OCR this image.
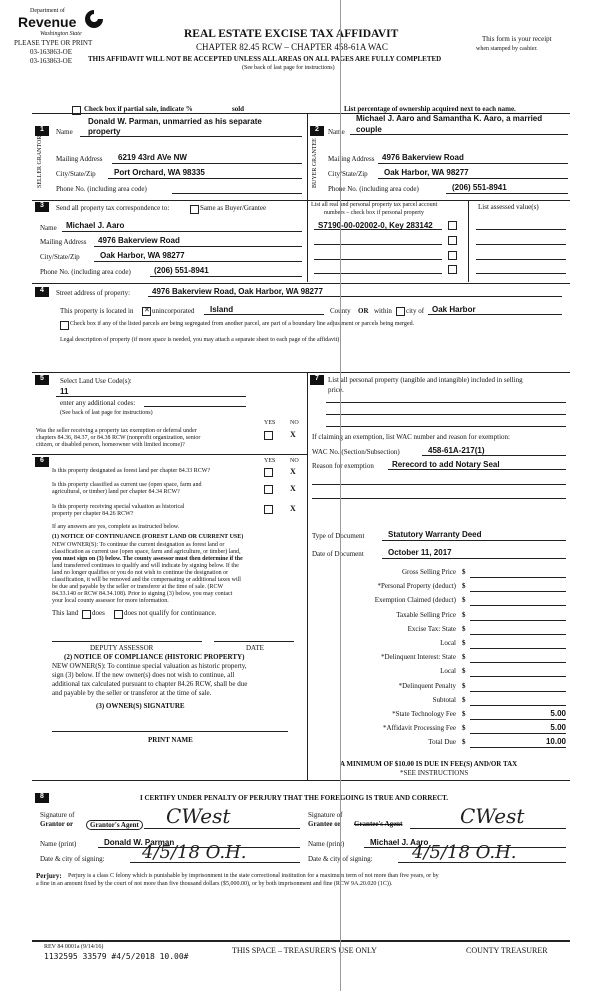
Department of
Revenue
Washington State
PLEASE TYPE OR PRINT
03-163863-OE
03-163863-OE
REAL ESTATE EXCISE TAX AFFIDAVIT
CHAPTER 82.45 RCW – CHAPTER 458-61A WAC
THIS AFFIDAVIT WILL NOT BE ACCEPTED UNLESS ALL AREAS ON ALL PAGES ARE FULLY COMPLETED
(See back of last page for instructions)
This form is your receipt
when stamped by cashier.
Check box if partial sale, indicate %	sold	List percentage of ownership acquired next to each name.
1
SELLER GRANTOR
Name
Donald W. Parman, unmarried as his separate
property
Mailing Address 6219 43rd AVe NW
City/State/Zip Port Orchard, WA 98335
Phone No. (including area code)
2
BUYER GRANTEE
Name
Michael J. Aaro and Samantha K. Aaro, a married
couple
Mailing Address 4976 Bakerview Road
City/State/Zip Oak Harbor, WA 98277
Phone No. (including area code)	(206) 551-8941
3	Send all property tax correspondence to:	Same as Buyer/Grantee
Name Michael J. Aaro
Mailing Address 4976 Bakerview Road
City/State/Zip	Oak Harbor, WA 98277
Phone No. (including area code)	(206) 551-8941
List all real and personal property tax parcel account
numbers – check box if personal property
List assessed value(s)
S7190-00-02002-0, Key 283142
4	Street address of property:	4976 Bakerview Road, Oak Harbor, WA 98277
This property is located in ✕ unincorporated Island	County OR within city of Oak Harbor
Check box if any of the listed parcels are being segregated from another parcel, are part of a boundary line adjustment or parcels being merged.
Legal description of property (if more space is needed, you may attach a separate sheet to each page of the affidavit)
5	Select Land Use Code(s):
11
enter any additional codes:
(See back of last page for instructions)
YES NO
Was the seller receiving a property tax exemption or deferral under
chapters 84.36, 84.37, or 84.38 RCW (nonprofit organization, senior
citizen, or disabled person, homeowner with limited income)?
X
7	List all personal property (tangible and intangible) included in selling
price.
6	YES NO
Is this property designated as forest land per chapter 84.33 RCW?	X
Is this property classified as current use (open space, farm and
agricultural, or timber) land per chapter 84.34 RCW?	X
Is this property receiving special valuation as historical
property per chapter 84.26 RCW?
X
If any answers are yes, complete as instructed below.
(1) NOTICE OF CONTINUANCE (FOREST LAND OR CURRENT USE)
NEW OWNER(S): To continue the current designation as forest land or
classification as current use (open space, farm and agriculture, or timber) land,
you must sign on (3) below. The county assessor must then determine if the
land transferred continues to qualify and will indicate by signing below. If the
land no longer qualifies or you do not wish to continue the designation or
classification, it will be removed and the compensating or additional taxes will
be due and payable by the seller or transferor at the time of sale. (RCW
84.33.140 or RCW 84.34.108). Prior to signing (3) below, you may contact
your local county assessor for more information.
This land does	does not qualify for continuance.
DEPUTY ASSESSOR	DATE
(2) NOTICE OF COMPLIANCE (HISTORIC PROPERTY)
NEW OWNER(S): To continue special valuation as historic property,
sign (3) below. If the new owner(s) does not wish to continue, all
additional tax calculated pursuant to chapter 84.26 RCW, shall be due
and payable by the seller or transferor at the time of sale.
(3) OWNER(S) SIGNATURE
PRINT NAME
If claiming an exemption, list WAC number and reason for exemption:
WAC No. (Section/Subsection)	458-61A-217(1)
Reason for exemption Rerecord to add Notary Seal
Type of Document	Statutory Warranty Deed
Date of Document	October 11, 2017
Gross Selling Price $
*Personal Property (deduct) $
Exemption Claimed (deduct) $
Taxable Selling Price $
Excise Tax: State $
Local $
*Delinquent Interest: State $
Local $
*Delinquent Penalty $
Subtotal $
*State Technology Fee $	5.00
*Affidavit Processing Fee $	5.00
Total Due $	10.00
A MINIMUM OF $10.00 IS DUE IN FEE(S) AND/OR TAX
*SEE INSTRUCTIONS
8	I CERTIFY UNDER PENALTY OF PERJURY THAT THE FOREGOING IS TRUE AND CORRECT.
Signature of
Grantor or	Grantor's Agent CWest
Name (print)	Donald W. Parman
Date & city of signing: 4/5/18 O.H.
Signature of
Grantee or Grantee's Agent	CWest
Name (print)	Michael J. Aaro
Date & city of signing: 4/5/18 O.H.
Perjury: Perjury is a class C felony which is punishable by imprisonment in the state correctional institution for a maximum term of not more than five years, or by
a fine in an amount fixed by the court of not more than five thousand dollars ($5,000.00), or by both imprisonment and fine (RCW 9A.20.020 (1C)).
REV 84 0001a (9/14/16)
1132595 33579 #4/5/2018 10.00#
THIS SPACE – TREASURER'S USE ONLY	COUNTY TREASURER
